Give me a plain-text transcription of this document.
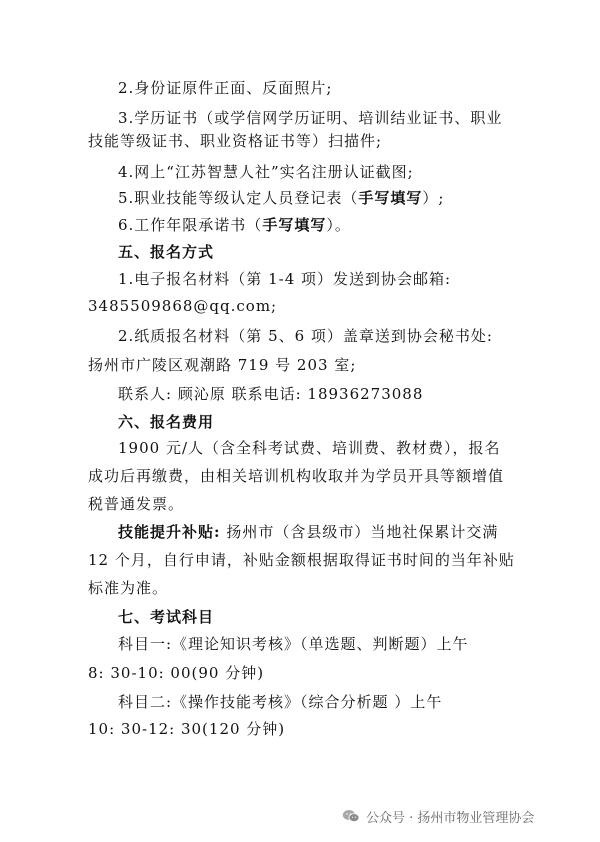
2.身份证原件正面、反面照片;
3.学历证书（或学信网学历证明、培训结业证书、职业
技能等级证书、职业资格证书等）扫描件;
4.网上“江苏智慧人社”实名注册认证截图;
5.职业技能等级认定人员登记表（手写填写）;
6.工作年限承诺书（手写填写）。
五、报名方式
1.电子报名材料（第 1-4 项）发送到协会邮箱:
3485509868@qq.com;
2.纸质报名材料（第 5、6 项）盖章送到协会秘书处:
扬州市广陵区观潮路 719 号 203 室;
联系人: 顾沁原 联系电话: 18936273088
六、报名费用
1900 元/人（含全科考试费、培训费、教材费），报名
成功后再缴费，由相关培训机构收取并为学员开具等额增值
税普通发票。
技能提升补贴: 扬州市（含县级市）当地社保累计交满
12 个月，自行申请，补贴金额根据取得证书时间的当年补贴
标准为准。
七、考试科目
科目一:《理论知识考核》（单选题、判断题）上午
8: 30-10: 00(90 分钟)
科目二:《操作技能考核》（综合分析题 ）上午
10: 30-12: 30(120 分钟)
公众号 · 扬州市物业管理协会
